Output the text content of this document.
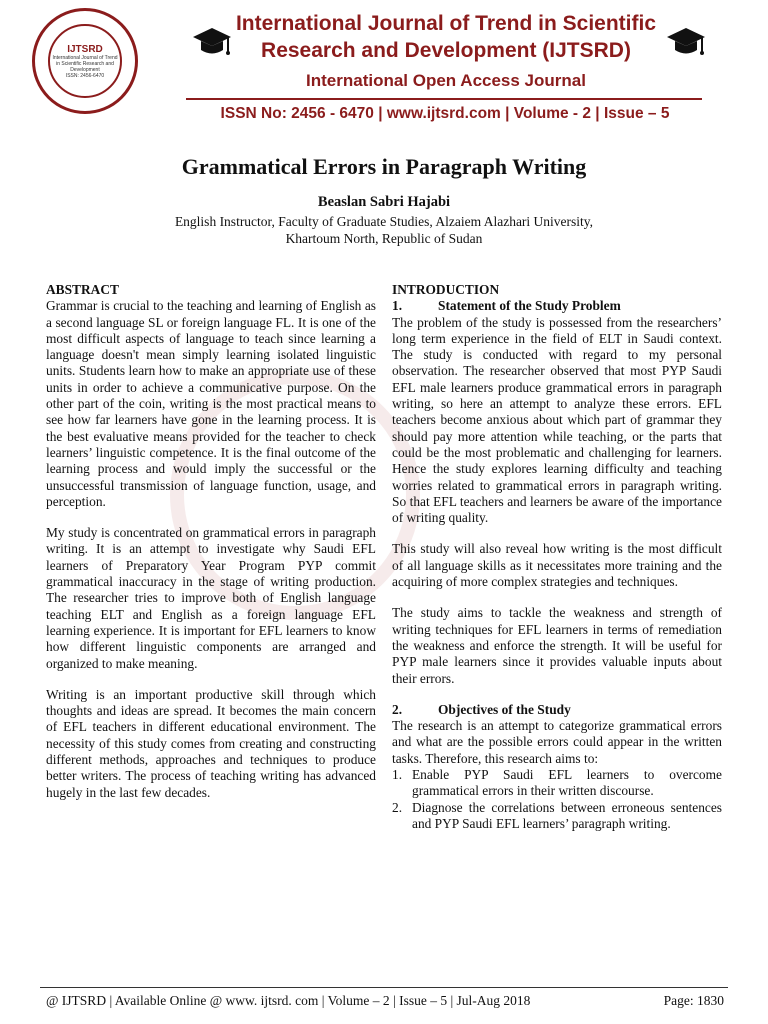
IJTSRD
International Journal of Trend in Scientific Research and Development
ISSN: 2456-6470
International Journal of Trend in Scientific
Research and Development (IJTSRD)
International Open Access Journal
ISSN No: 2456 - 6470 | www.ijtsrd.com | Volume - 2 | Issue – 5
Grammatical Errors in Paragraph Writing
Beaslan Sabri Hajabi
English Instructor, Faculty of Graduate Studies, Alzaiem Alazhari University,
Khartoum North, Republic of Sudan
ABSTRACT

Grammar is crucial to the teaching and learning of English as a second language SL or foreign language FL. It is one of the most difficult aspects of language to teach since learning a language doesn't mean simply learning isolated linguistic units. Students learn how to make an appropriate use of these units in order to achieve a communicative purpose. On the other part of the coin, writing is the most practical means to see how far learners have gone in the learning process. It is the best evaluative means provided for the teacher to check learners’ linguistic competence. It is the final outcome of the learning process and would imply the successful or the unsuccessful transmission of language function, usage, and perception.

My study is concentrated on grammatical errors in paragraph writing. It is an attempt to investigate why Saudi EFL learners of Preparatory Year Program PYP commit grammatical inaccuracy in the stage of writing production. The researcher tries to improve both of English language teaching ELT and English as a foreign language EFL learning experience. It is important for EFL learners to know how different linguistic components are arranged and organized to make meaning.

Writing is an important productive skill through which thoughts and ideas are spread. It becomes the main concern of EFL teachers in different educational environment. The necessity of this study comes from creating and constructing different methods, approaches and techniques to produce better writers. The process of teaching writing has advanced hugely in the last few decades.

INTRODUCTION
1.	Statement of the Study Problem

The problem of the study is possessed from the researchers’ long term experience in the field of ELT in Saudi context. The study is conducted with regard to my personal observation. The researcher observed that most PYP Saudi EFL male learners produce grammatical errors in paragraph writing, so here an attempt to analyze these errors. EFL teachers become anxious about which part of grammar they should pay more attention while teaching, or the parts that could be the most problematic and challenging for learners. Hence the study explores learning difficulty and teaching worries related to grammatical errors in paragraph writing. So that EFL teachers and learners be aware of the importance of writing quality.

This study will also reveal how writing is the most difficult of all language skills as it necessitates more training and the acquiring of more complex strategies and techniques.

The study aims to tackle the weakness and strength of writing techniques for EFL learners in terms of remediation the weakness and enforce the strength. It will be useful for PYP male learners since it provides valuable inputs about their errors.

2.	Objectives of the Study

The research is an attempt to categorize grammatical errors and what are the possible errors could appear in the written tasks. Therefore, this research aims to:

1. Enable PYP Saudi EFL learners to overcome grammatical errors in their written discourse.
2. Diagnose the correlations between erroneous sentences and PYP Saudi EFL learners’ paragraph writing.
@ IJTSRD | Available Online @ www. ijtsrd. com | Volume – 2 | Issue – 5 | Jul-Aug 2018	Page: 1830
